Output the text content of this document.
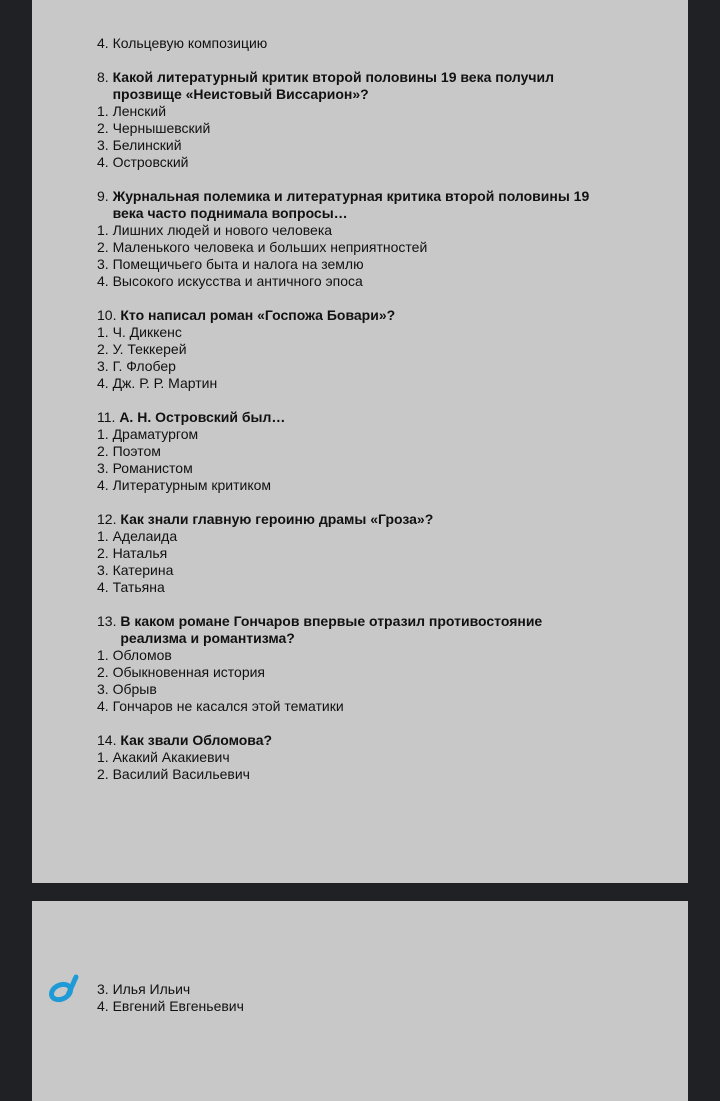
4. Кольцевую композицию
8. Какой литературный критик второй половины 19 века получил прозвище «Неистовый Виссарион»?
1. Ленский
2. Чернышевский
3. Белинский
4. Островский
9. Журнальная полемика и литературная критика второй половины 19 века часто поднимала вопросы…
1. Лишних людей и нового человека
2. Маленького человека и больших неприятностей
3. Помещичьего быта и налога на землю
4. Высокого искусства и античного эпоса
10. Кто написал роман «Госпожа Бовари»?
1. Ч. Диккенс
2. У. Теккерей
3. Г. Флобер
4. Дж. Р. Р. Мартин
11. А. Н. Островский был…
1. Драматургом
2. Поэтом
3. Романистом
4. Литературным критиком
12. Как знали главную героиню драмы «Гроза»?
1. Аделаида
2. Наталья
3. Катерина
4. Татьяна
13. В каком романе Гончаров впервые отразил противостояние реализма и романтизма?
1. Обломов
2. Обыкновенная история
3. Обрыв
4. Гончаров не касался этой тематики
14. Как звали Обломова?
1. Акакий Акакиевич
2. Василий Васильевич
3. Илья Ильич
4. Евгений Евгеньевич
